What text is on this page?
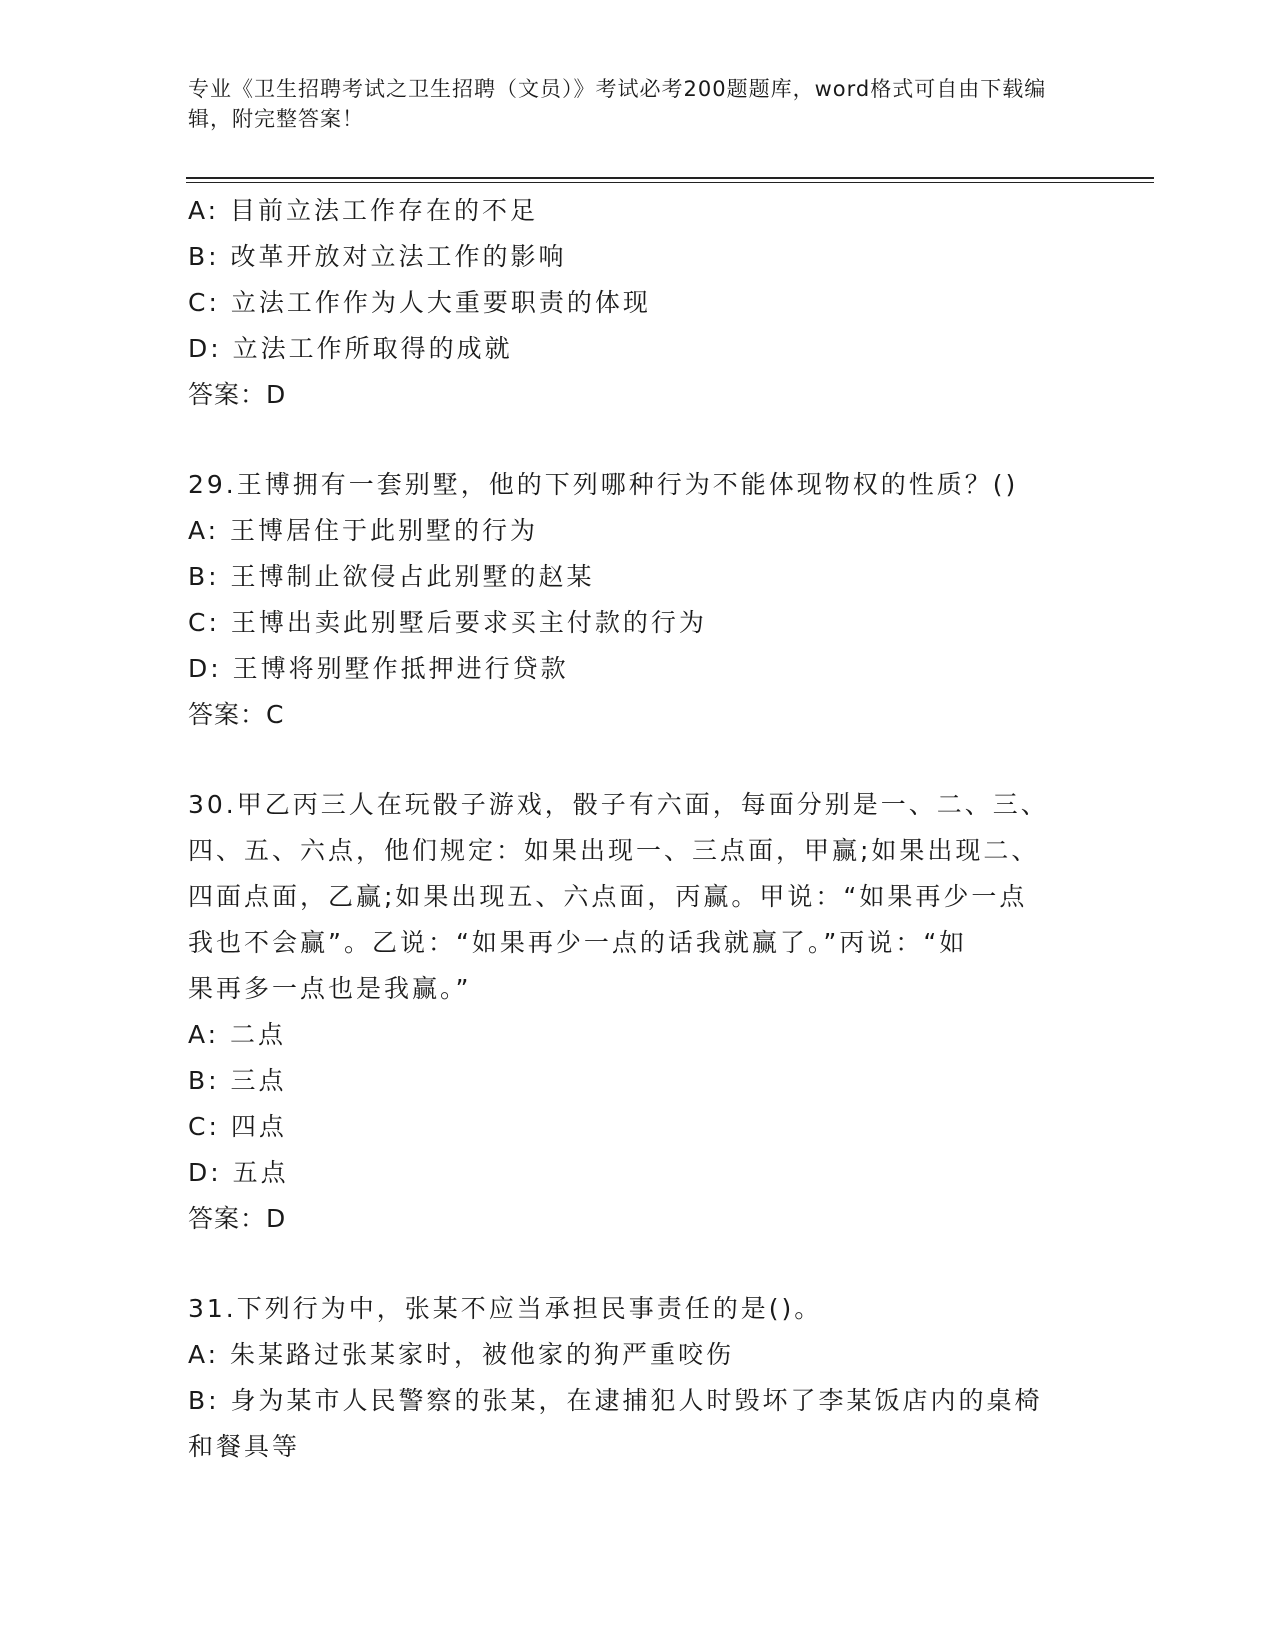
专业《卫生招聘考试之卫生招聘（文员）》考试必考200题题库，word格式可自由下载编辑，附完整答案！
A: 目前立法工作存在的不足
B: 改革开放对立法工作的影响
C: 立法工作作为人大重要职责的体现
D: 立法工作所取得的成就
答案：D
29.王博拥有一套别墅，他的下列哪种行为不能体现物权的性质？()
A: 王博居住于此别墅的行为
B: 王博制止欲侵占此别墅的赵某
C: 王博出卖此别墅后要求买主付款的行为
D: 王博将别墅作抵押进行贷款
答案：C
30.甲乙丙三人在玩骰子游戏，骰子有六面，每面分别是一、二、三、
四、五、六点，他们规定：如果出现一、三点面，甲赢;如果出现二、
四面点面，乙赢;如果出现五、六点面，丙赢。甲说：“如果再少一点
我也不会赢”。乙说：“如果再少一点的话我就赢了。”丙说：“如
果再多一点也是我赢。”
A: 二点
B: 三点
C: 四点
D: 五点
答案：D
31.下列行为中，张某不应当承担民事责任的是()。
A: 朱某路过张某家时，被他家的狗严重咬伤
B: 身为某市人民警察的张某，在逮捕犯人时毁坏了李某饭店内的桌椅
和餐具等
